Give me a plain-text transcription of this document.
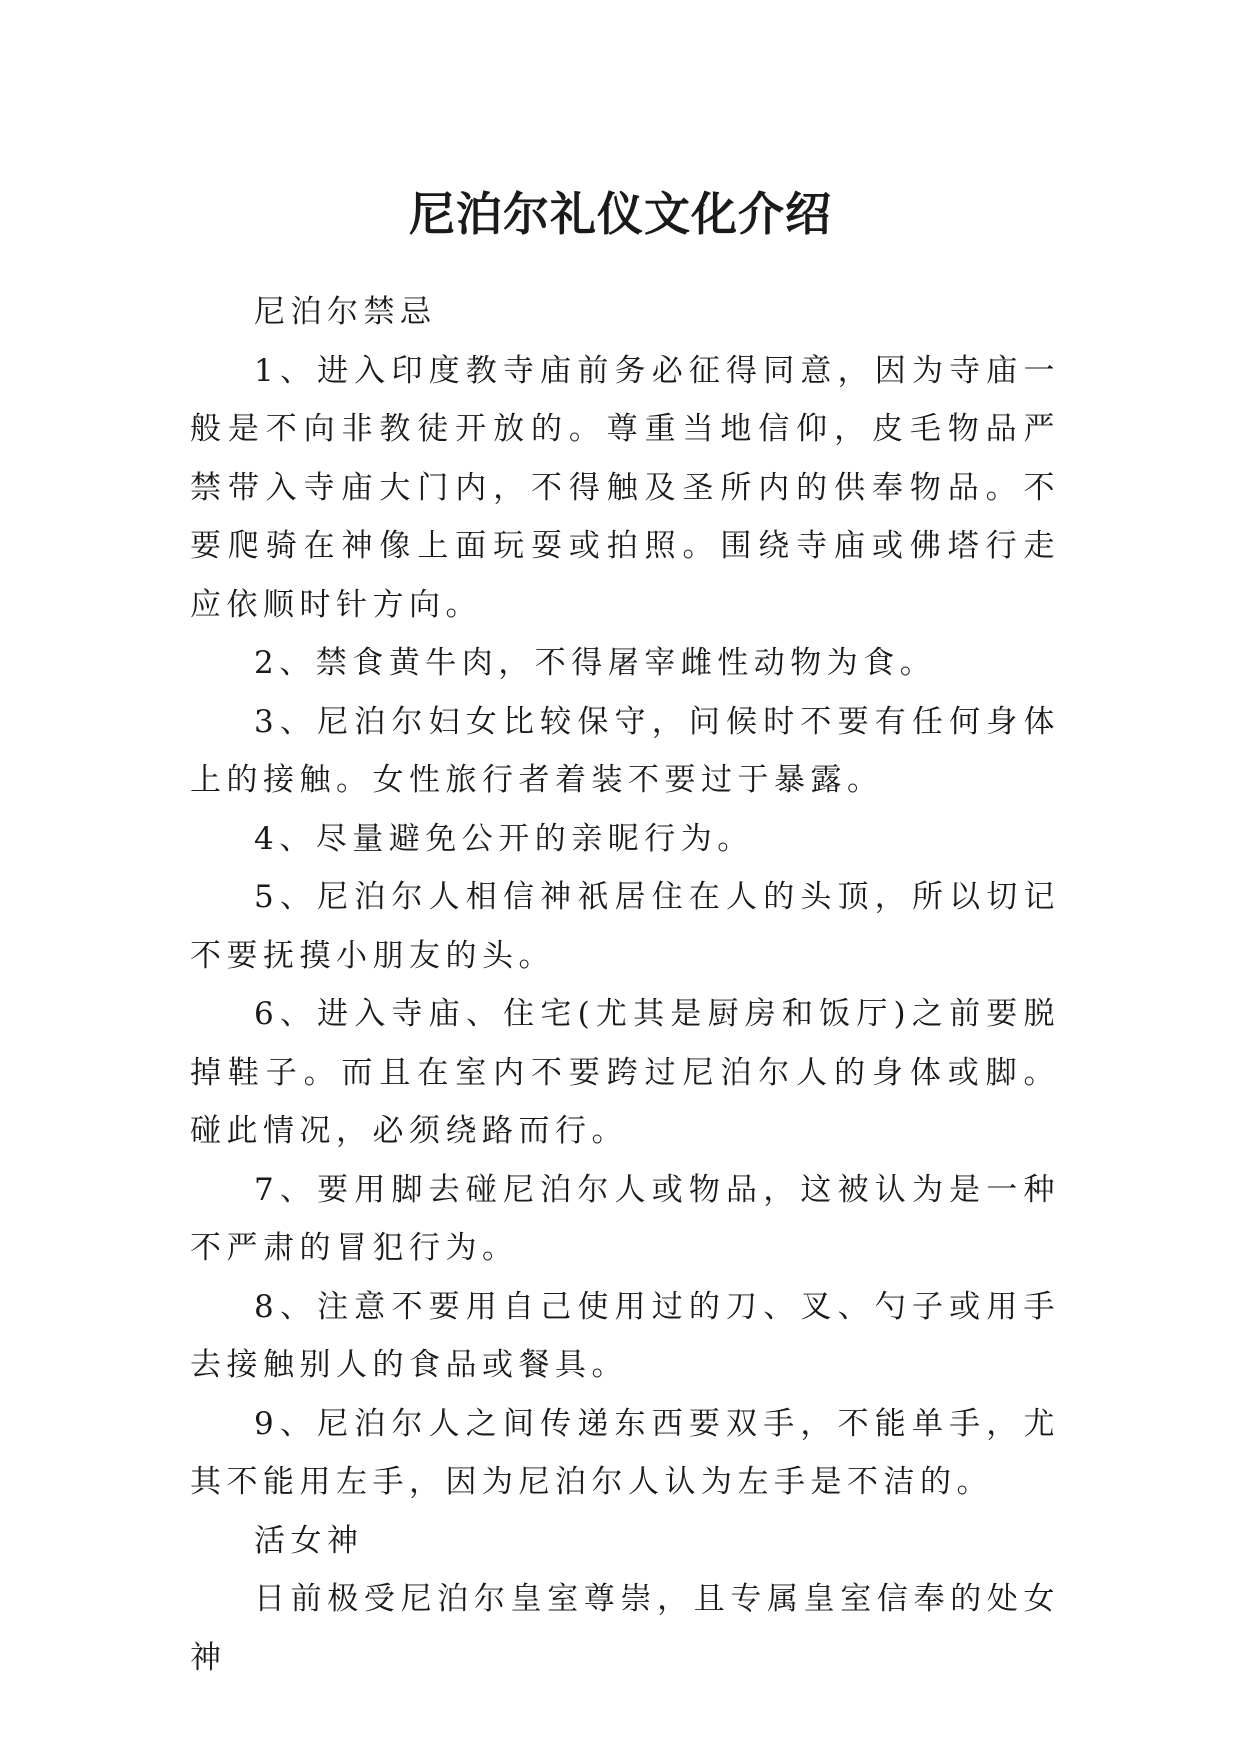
尼泊尔礼仪文化介绍

尼泊尔禁忌

1、进入印度教寺庙前务必征得同意，因为寺庙一般是不向非教徒开放的。尊重当地信仰，皮毛物品严禁带入寺庙大门内，不得触及圣所内的供奉物品。不要爬骑在神像上面玩耍或拍照。围绕寺庙或佛塔行走应依顺时针方向。

2、禁食黄牛肉，不得屠宰雌性动物为食。

3、尼泊尔妇女比较保守，问候时不要有任何身体上的接触。女性旅行者着装不要过于暴露。

4、尽量避免公开的亲昵行为。

5、尼泊尔人相信神祇居住在人的头顶，所以切记不要抚摸小朋友的头。

6、进入寺庙、住宅(尤其是厨房和饭厅)之前要脱掉鞋子。而且在室内不要跨过尼泊尔人的身体或脚。碰此情况，必须绕路而行。

7、要用脚去碰尼泊尔人或物品，这被认为是一种不严肃的冒犯行为。

8、注意不要用自己使用过的刀、叉、勺子或用手去接触别人的食品或餐具。

9、尼泊尔人之间传递东西要双手，不能单手，尤其不能用左手，因为尼泊尔人认为左手是不洁的。

活女神

日前极受尼泊尔皇室尊崇，且专属皇室信奉的处女神
